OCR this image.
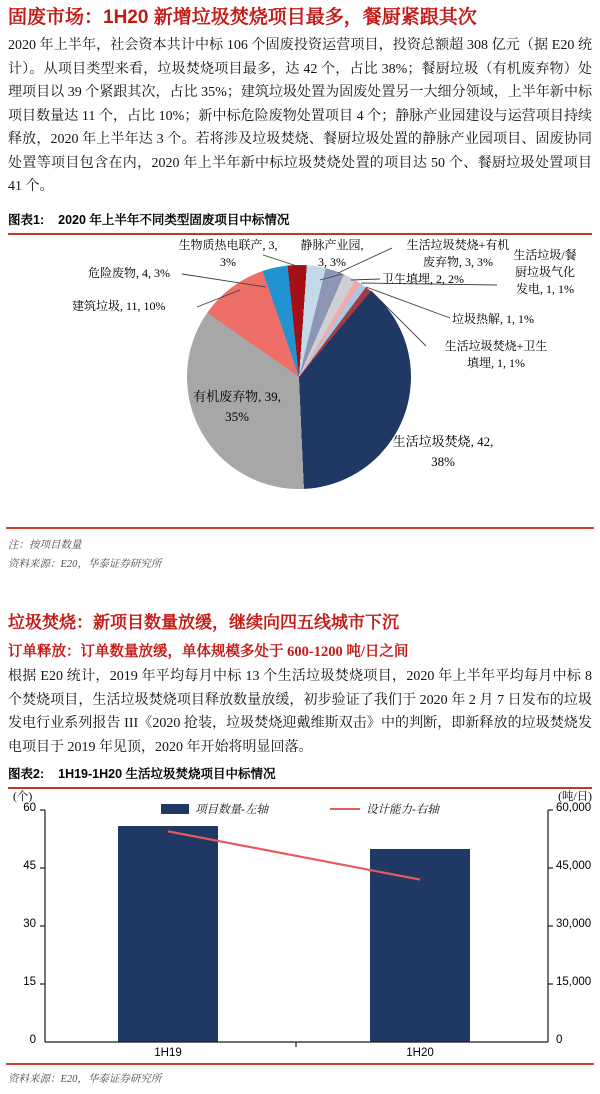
固废市场：1H20 新增垃圾焚烧项目最多，餐厨紧跟其次

2020 年上半年，社会资本共计中标 106 个固废投资运营项目，投资总额超 308 亿元（据 E20 统计）。从项目类型来看，垃圾焚烧项目最多，达 42 个，占比 38%；餐厨垃圾（有机废弃物）处理项目以 39 个紧跟其次，占比 35%；建筑垃圾处置为固废处置另一大细分领域，上半年新中标项目数量达 11 个，占比 10%；新中标危险废物处置项目 4 个；静脉产业园建设与运营项目持续释放，2020 年上半年达 3 个。若将涉及垃圾焚烧、餐厨垃圾处置的静脉产业园项目、固废协同处置等项目包含在内，2020 年上半年新中标垃圾焚烧处置的项目达 50 个、餐厨垃圾处置项目 41 个。

图表1: 2020 年上半年不同类型固废项目中标情况
生物质热电联产, 3,
3%
静脉产业园,
3, 3%
生活垃圾焚烧+有机
废弃物, 3, 3%	生活垃圾/餐
厨垃圾气化
发电, 1, 1%
危险废物, 4, 3%	卫生填埋, 2, 2%
建筑垃圾, 11, 10%
垃圾热解, 1, 1%
生活垃圾焚烧+卫生
填埋, 1, 1%
有机废弃物, 39,
35%
生活垃圾焚烧, 42,
38%
注：按项目数量
资料来源：E20，华泰证券研究所
垃圾焚烧：新项目数量放缓，继续向四五线城市下沉
订单释放：订单数量放缓，单体规模多处于 600-1200 吨/日之间

根据 E20 统计，2019 年平均每月中标 13 个生活垃圾焚烧项目，2020 年上半年平均每月中标 8 个焚烧项目，生活垃圾焚烧项目释放数量放缓，初步验证了我们于 2020 年 2 月 7 日发布的垃圾发电行业系列报告 III《2020 抢装，垃圾焚烧迎戴维斯双击》中的判断，即新释放的垃圾焚烧发电项目于 2019 年见顶，2020 年开始将明显回落。

图表2: 1H19-1H20 生活垃圾焚烧项目中标情况
(个)	(吨/日)
项目数量-左轴	设计能力-右轴
60
45
30
15
0
60,000
45,000
30,000
15,000
0
1H19	1H20
资料来源：E20，华泰证券研究所
